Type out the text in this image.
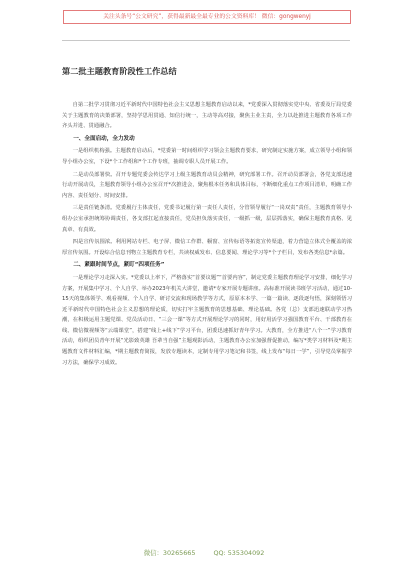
关注头条号“公文研究”，获得最新最全最专业的公文资料库！ 微信：gongwenyj
第二批主题教育阶段性工作总结

自第二批学习贯彻习近平新时代中国特色社会主义思想主题教育启动以来，*党委深入贯彻落实党中央、省委及厅局党委关于主题教育的决策部署，坚持学思用贯通、知信行统一，主动等高对接，聚焦主业主责，全力以赴推进主题教育各项工作齐头并进、贯通融合。

一、全面启动，全力发动

一是组织机构强。主题教育启动后，*党委第一时间组织学习领会主题教育要求，研究制定实施方案，成立领导小组和领导小组办公室，下设*个工作组和*个工作专班，抽调专职人员开展工作。

二是动员部署快。召开专题党委会传达学习上级主题教育动员会精神，研究部署工作。召开动员部署会，各党支部迅速行动开展动员，主题教育领导小组办公室召开*次推进会，聚焦根本任务和具体目标，不断细化重点工作项目清单，明确工作内容、责任划分、时间安排。

三是责任链条清。党委履行主体责任，党委书记履行第一责任人责任，分管领导履行“一岗双责”责任，主题教育领导小组办公室承担统筹协调责任，各支部扛起直接责任，党员担负落实责任，一级抓一级，层层抓落实，确保主题教育真格、见真章、有真效。

四是宣传氛围浓。利用网站专栏、电子屏、微信工作群、橱窗、宣传标语等拓宽宣传渠道，着力营造立体式全覆盖的浓厚宣传氛围。开设综合信息刊物立主题教育专栏，共读权威发布、信息要闻、理论学习等*个子栏目，发布各类信息*余篇。

二、紧跟时间节点，紧盯“四项任务”

一是理论学习走深入实。*党委以上率下，严格落实“首要议题”“首要内容”，制定党委主题教育理论学习安排，细化学习方案，开展集中学习、个人自学、举办2023年机关大讲堂，邀请*专家开展专题讲座。高标准开展读书班学习活动，通过10-15天的集体领学、观看视频、个人自学、研讨交流和现场教学等方式，原原本本学、一篇一篇读、逐段逐句悟，深刻领悟习近平新时代中国特色社会主义思想的理论质，切实打牢主题教育的思想基础、理论基础。各党（总）支部迅速联动学习热潮，在积极运用主题党课、党员活动日、“三会一课”等方式开展理论学习的同时，用好用活学习强国教育平台、干部教育在线、微信微视频等“云端课堂”，搭建“线上+线下”学习平台，团委迅速抓好青年学习。大教育，全方推进“八个一”学习教育活动，组织团员青年开展“光影致英雄 吾辈当自强”主题观影活动，主题教育办公室加强督促推动，编写*类学习材料及*期主题教育文件材料汇编，*期主题教育简报，发放专题读本，定制专用学习笔记和书签，线上发布“每日一学”，引导党员掌握学习方法，确保学习成效。

微信：30265665	QQ: 535304092
